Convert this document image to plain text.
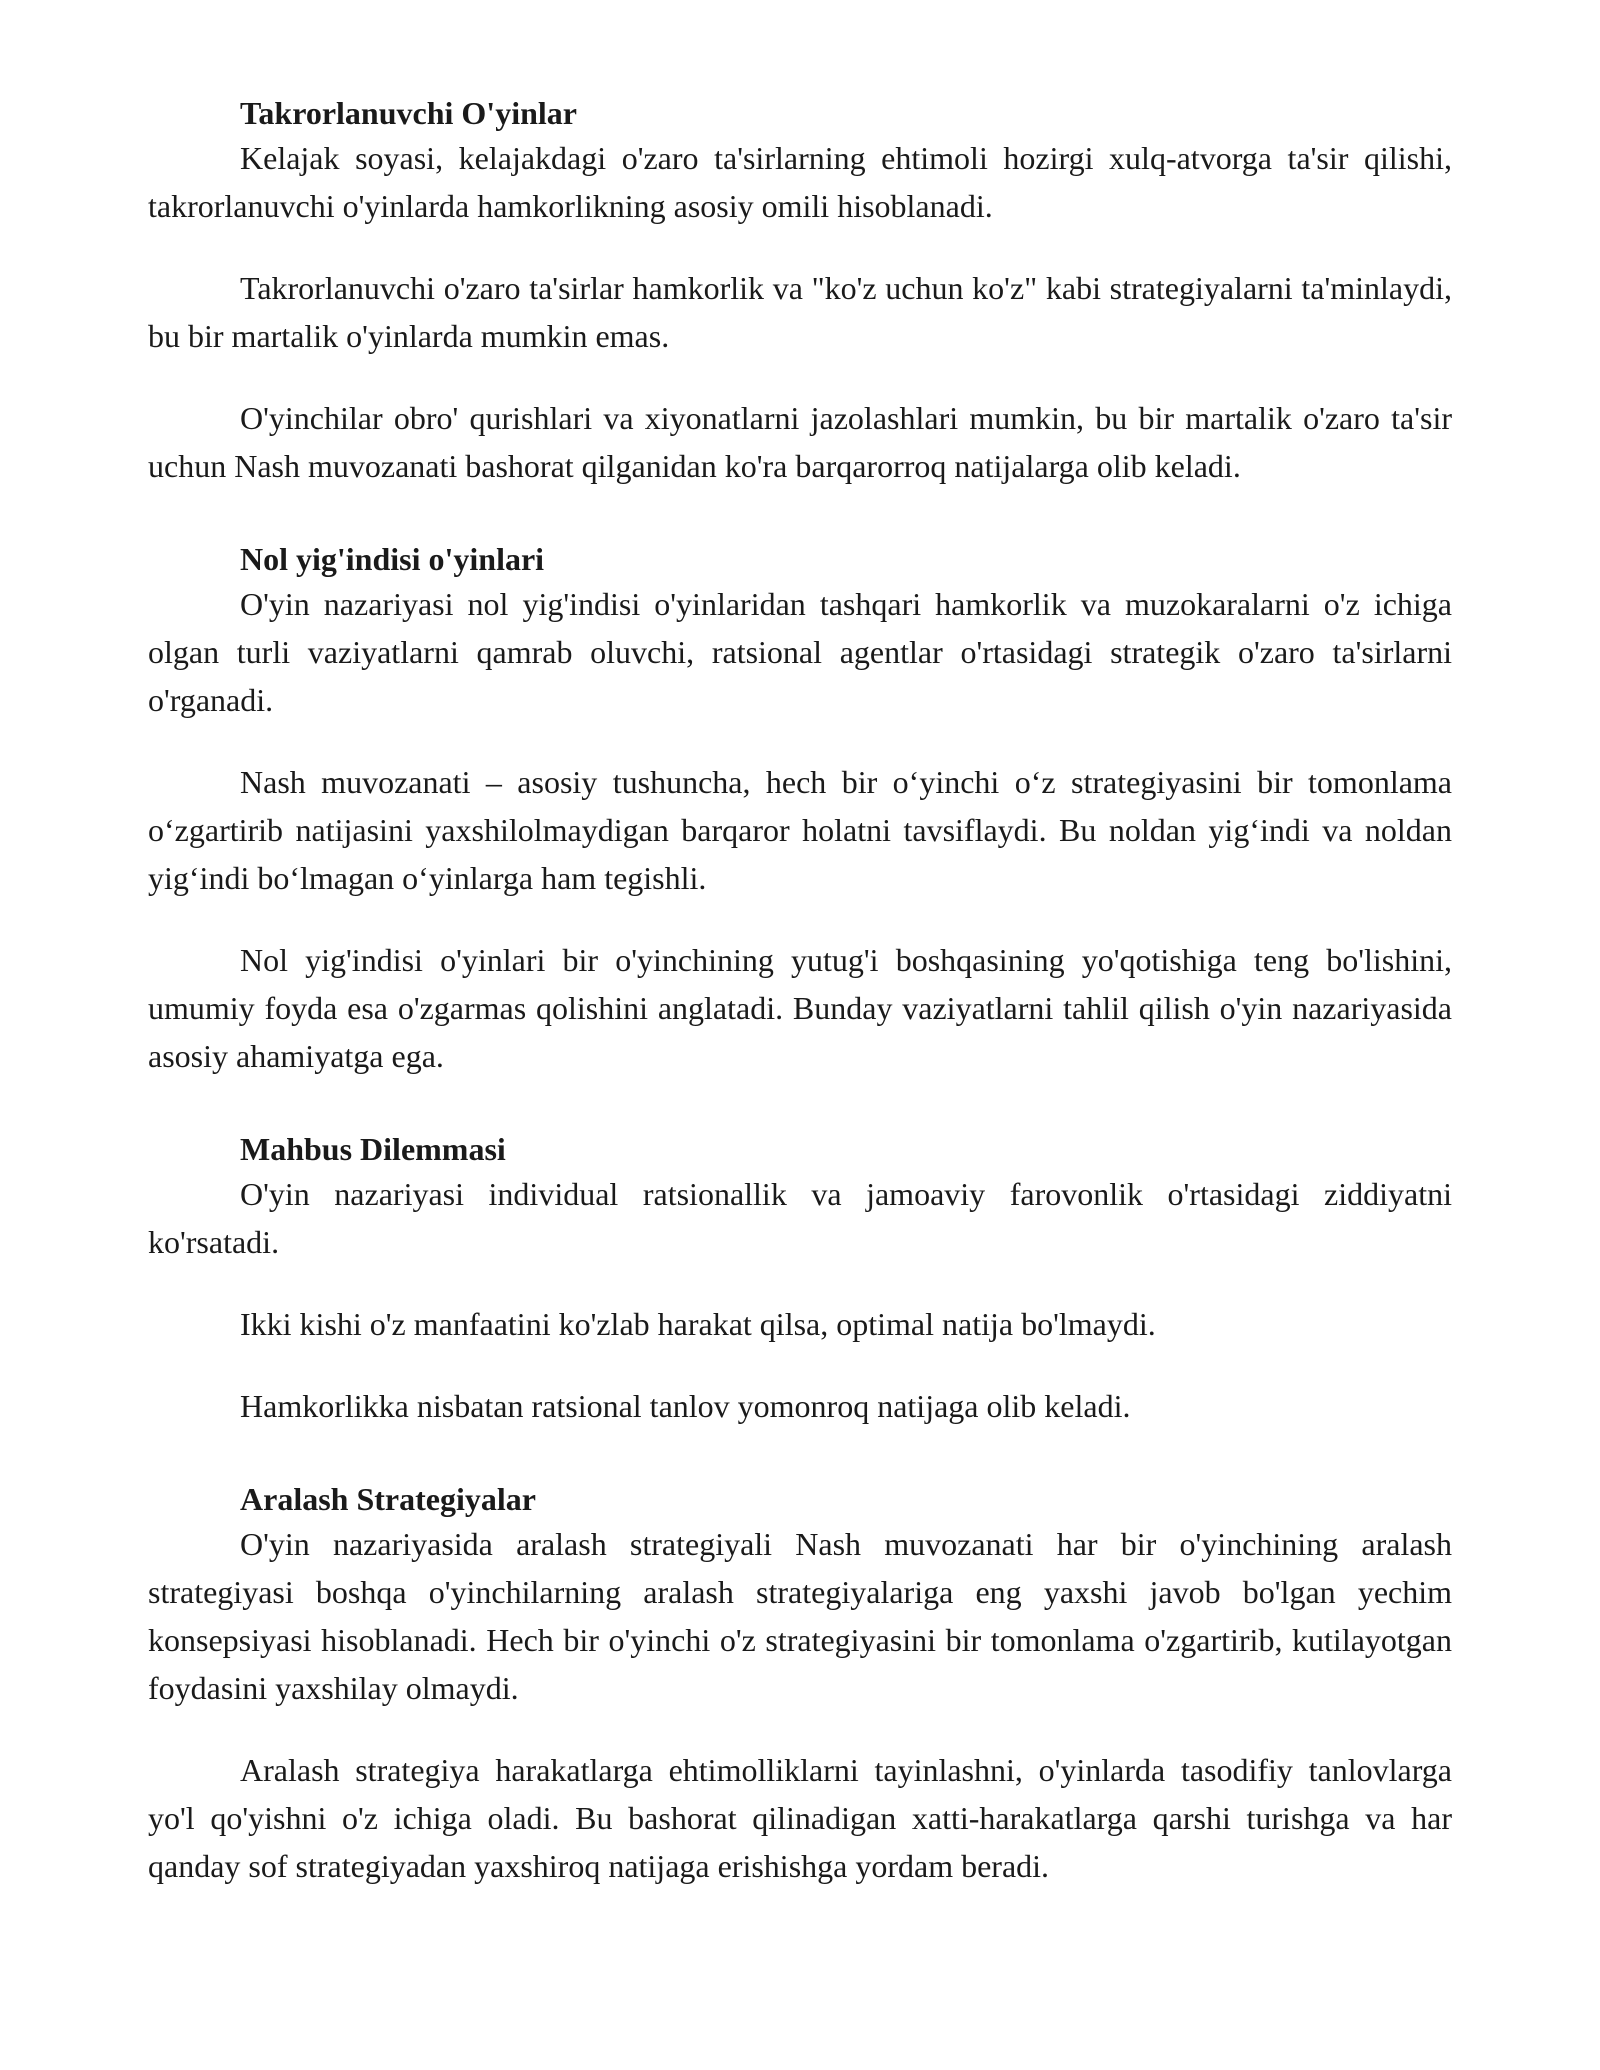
Takrorlanuvchi O'yinlar

Kelajak soyasi, kelajakdagi o'zaro ta'sirlarning ehtimoli hozirgi xulq-atvorga ta'sir qilishi, takrorlanuvchi o'yinlarda hamkorlikning asosiy omili hisoblanadi.

Takrorlanuvchi o'zaro ta'sirlar hamkorlik va "ko'z uchun ko'z" kabi strategiyalarni ta'minlaydi, bu bir martalik o'yinlarda mumkin emas.

O'yinchilar obro' qurishlari va xiyonatlarni jazolashlari mumkin, bu bir martalik o'zaro ta'sir uchun Nash muvozanati bashorat qilganidan ko'ra barqarorroq natijalarga olib keladi.

Nol yig'indisi o'yinlari

O'yin nazariyasi nol yig'indisi o'yinlaridan tashqari hamkorlik va muzokaralarni o'z ichiga olgan turli vaziyatlarni qamrab oluvchi, ratsional agentlar o'rtasidagi strategik o'zaro ta'sirlarni o'rganadi.

Nash muvozanati – asosiy tushuncha, hech bir o‘yinchi o‘z strategiyasini bir tomonlama o‘zgartirib natijasini yaxshilolmaydigan barqaror holatni tavsiflaydi. Bu noldan yig‘indi va noldan yig‘indi bo‘lmagan o‘yinlarga ham tegishli.

Nol yig'indisi o'yinlari bir o'yinchining yutug'i boshqasining yo'qotishiga teng bo'lishini, umumiy foyda esa o'zgarmas qolishini anglatadi. Bunday vaziyatlarni tahlil qilish o'yin nazariyasida asosiy ahamiyatga ega.

Mahbus Dilemmasi

O'yin nazariyasi individual ratsionallik va jamoaviy farovonlik o'rtasidagi ziddiyatni ko'rsatadi.

Ikki kishi o'z manfaatini ko'zlab harakat qilsa, optimal natija bo'lmaydi.

Hamkorlikka nisbatan ratsional tanlov yomonroq natijaga olib keladi.

Aralash Strategiyalar

O'yin nazariyasida aralash strategiyali Nash muvozanati har bir o'yinchining aralash strategiyasi boshqa o'yinchilarning aralash strategiyalariga eng yaxshi javob bo'lgan yechim konsepsiyasi hisoblanadi. Hech bir o'yinchi o'z strategiyasini bir tomonlama o'zgartirib, kutilayotgan foydasini yaxshilay olmaydi.

Aralash strategiya harakatlarga ehtimolliklarni tayinlashni, o'yinlarda tasodifiy tanlovlarga yo'l qo'yishni o'z ichiga oladi. Bu bashorat qilinadigan xatti-harakatlarga qarshi turishga va har qanday sof strategiyadan yaxshiroq natijaga erishishga yordam beradi.
